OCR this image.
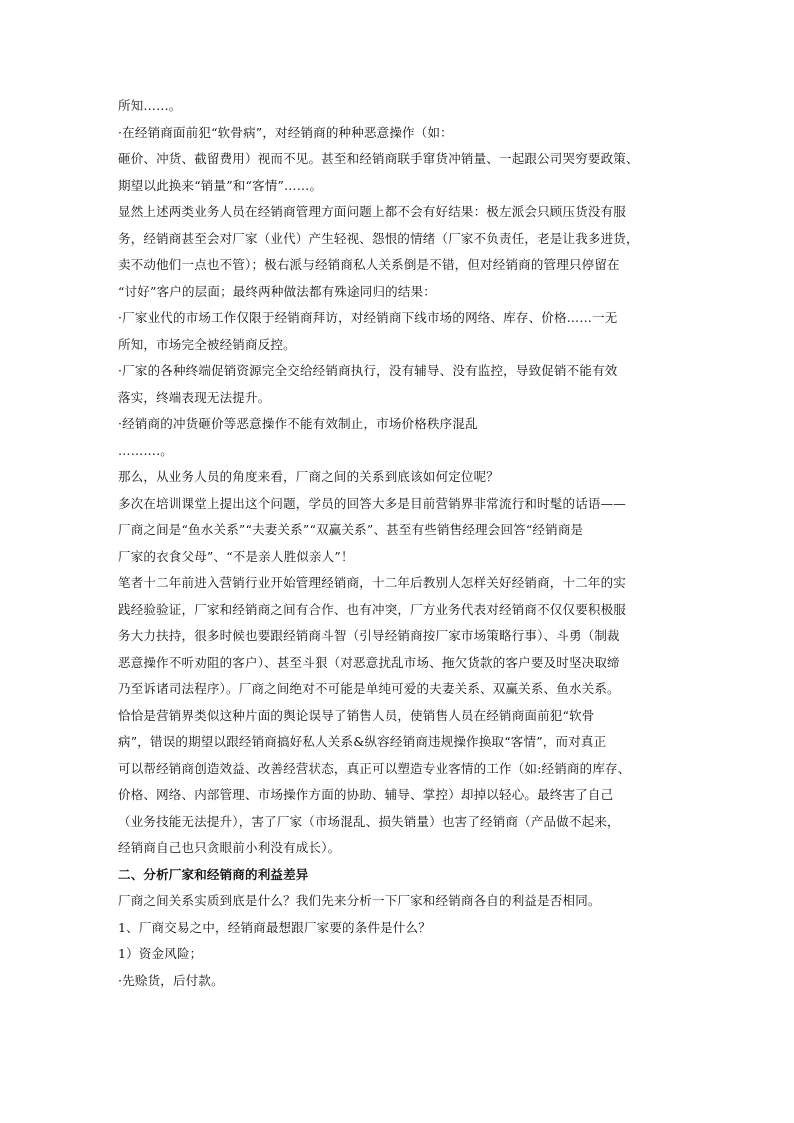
所知……。
·在经销商面前犯“软骨病”，对经销商的种种恶意操作（如：
砸价、冲货、截留费用）视而不见。甚至和经销商联手窜货冲销量、一起跟公司哭穷要政策、
期望以此换来“销量”和“客情”……。
显然上述两类业务人员在经销商管理方面问题上都不会有好结果：极左派会只顾压货没有服
务，经销商甚至会对厂家（业代）产生轻视、怨恨的情绪（厂家不负责任，老是让我多进货，
卖不动他们一点也不管）；极右派与经销商私人关系倒是不错，但对经销商的管理只停留在
“讨好”客户的层面；最终两种做法都有殊途同归的结果：
·厂家业代的市场工作仅限于经销商拜访，对经销商下线市场的网络、库存、价格……一无
所知，市场完全被经销商反控。
·厂家的各种终端促销资源完全交给经销商执行，没有辅导、没有监控，导致促销不能有效
落实，终端表现无法提升。
·经销商的冲货砸价等恶意操作不能有效制止，市场价格秩序混乱
……….。
那么，从业务人员的角度来看，厂商之间的关系到底该如何定位呢？
多次在培训课堂上提出这个问题，学员的回答大多是目前营销界非常流行和时髦的话语——
厂商之间是“鱼水关系”“夫妻关系”“双赢关系”、甚至有些销售经理会回答“经销商是
厂家的衣食父母”、“不是亲人胜似亲人”！
笔者十二年前进入营销行业开始管理经销商，十二年后教别人怎样关好经销商，十二年的实
践经验验证，厂家和经销商之间有合作、也有冲突，厂方业务代表对经销商不仅仅要积极服
务大力扶持，很多时候也要跟经销商斗智（引导经销商按厂家市场策略行事）、斗勇（制裁
恶意操作不听劝阻的客户）、甚至斗狠（对恶意扰乱市场、拖欠货款的客户要及时坚决取缔
乃至诉诸司法程序）。厂商之间绝对不可能是单纯可爱的夫妻关系、双赢关系、鱼水关系。
恰恰是营销界类似这种片面的舆论误导了销售人员，使销售人员在经销商面前犯“软骨
病”，错误的期望以跟经销商搞好私人关系&纵容经销商违规操作换取“客情”，而对真正
可以帮经销商创造效益、改善经营状态，真正可以塑造专业客情的工作（如:经销商的库存、
价格、网络、内部管理、市场操作方面的协助、辅导、掌控）却掉以轻心。最终害了自己
（业务技能无法提升），害了厂家（市场混乱、损失销量）也害了经销商（产品做不起来，
经销商自己也只贪眼前小利没有成长）。
二、分析厂家和经销商的利益差异
厂商之间关系实质到底是什么？我们先来分析一下厂家和经销商各自的利益是否相同。
1、厂商交易之中，经销商最想跟厂家要的条件是什么？
1）资金风险；
·先赊货，后付款。
